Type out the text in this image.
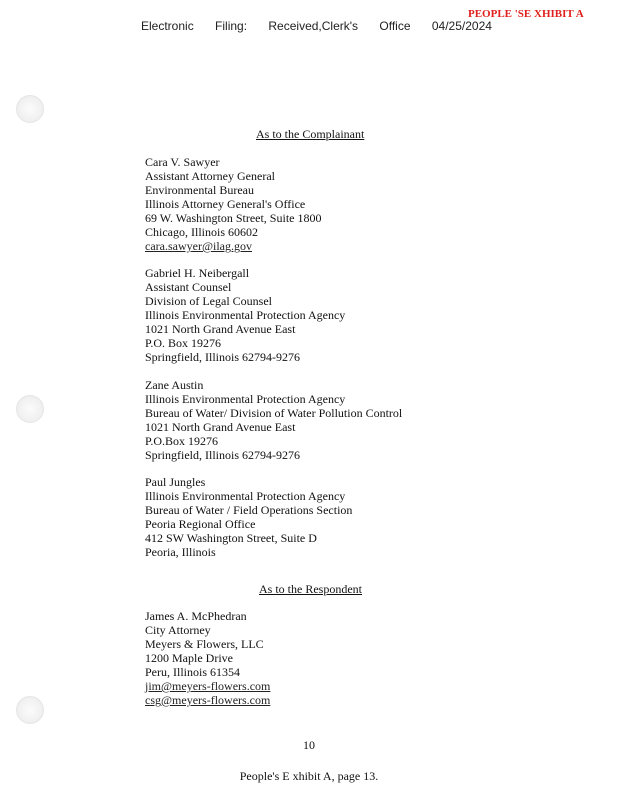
Electronic Filing: Received,Clerk's Office 04/25/2024
PEOPLE 'SE XHIBIT A
As to the Complainant
Cara V. Sawyer
Assistant Attorney General
Environmental Bureau
Illinois Attorney General's Office
69 W. Washington Street, Suite 1800
Chicago, Illinois 60602
cara.sawyer@ilag.gov
Gabriel H. Neibergall
Assistant Counsel
Division of Legal Counsel
Illinois Environmental Protection Agency
1021 North Grand Avenue East
P.O. Box 19276
Springfield, Illinois 62794-9276
Zane Austin
Illinois Environmental Protection Agency
Bureau of Water/ Division of Water Pollution Control
1021 North Grand Avenue East
P.O.Box 19276
Springfield, Illinois 62794-9276
Paul Jungles
Illinois Environmental Protection Agency
Bureau of Water / Field Operations Section
Peoria Regional Office
412 SW Washington Street, Suite D
Peoria, Illinois
As to the Respondent
James A. McPhedran
City Attorney
Meyers & Flowers, LLC
1200 Maple Drive
Peru, Illinois 61354
jim@meyers-flowers.com
csg@meyers-flowers.com
10
People's E xhibit A, page 13.
